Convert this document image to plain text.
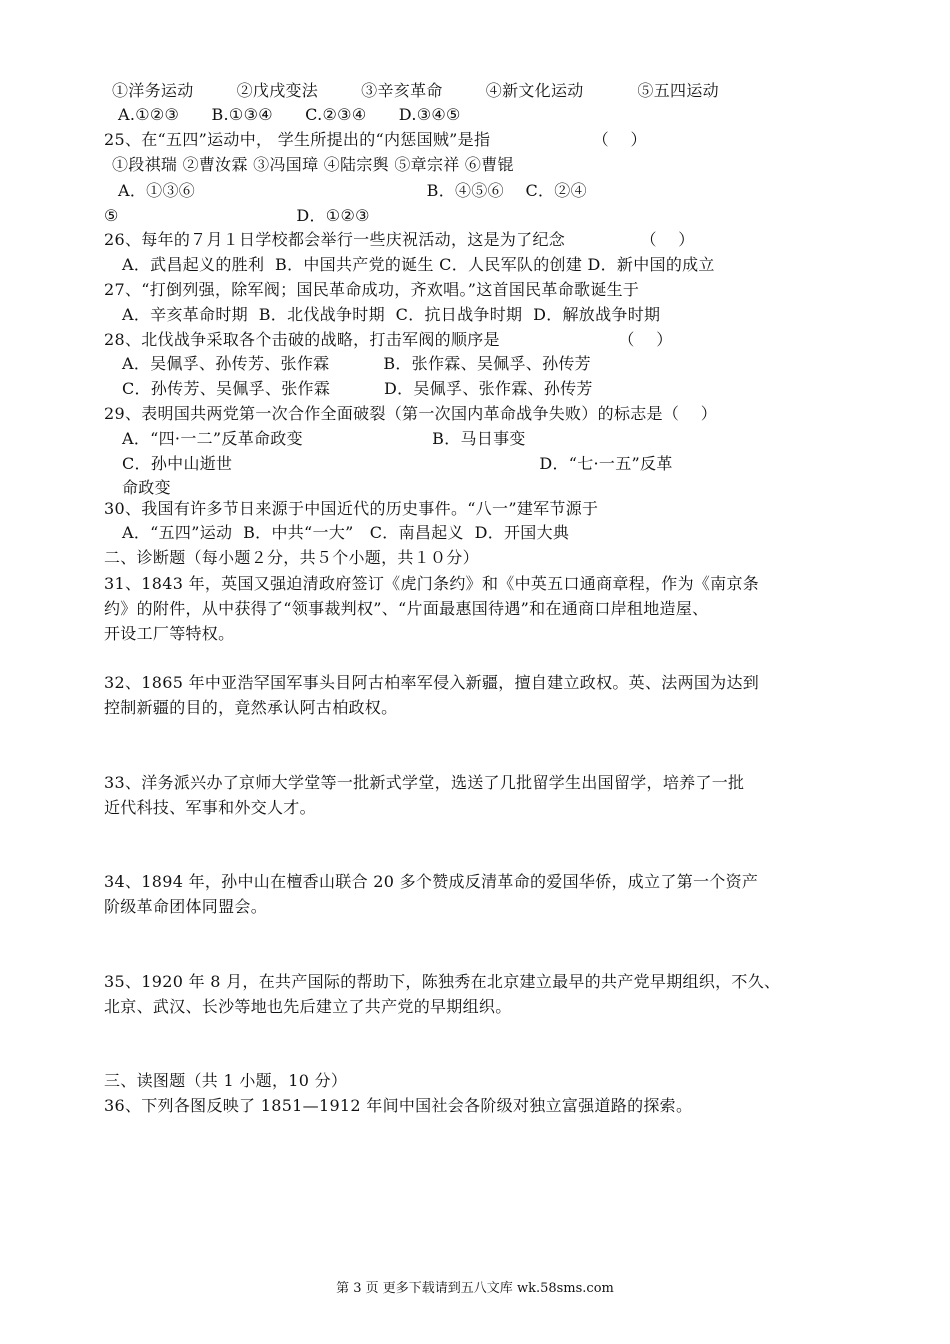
①洋务运动        ②戊戌变法        ③辛亥革命        ④新文化运动          ⑤五四运动
A.①②③      B.①③④      C.②③④      D.③④⑤
25、在“五四”运动中， 学生所提出的“内惩国贼”是指                   （    ）
①段祺瑞 ②曹汝霖 ③冯国璋 ④陆宗舆 ⑤章宗祥 ⑥曹锟
A．①③⑥                                           B．④⑤⑥    C．②④
⑤                                 D．①②③
26、每年的７月１日学校都会举行一些庆祝活动，这是为了纪念              （    ）
A．武昌起义的胜利  B．中国共产党的诞生 C．人民军队的创建 D．新中国的成立
27、“打倒列强，除军阀；国民革命成功，齐欢唱。”这首国民革命歌诞生于
A．辛亥革命时期  B．北伐战争时期  C．抗日战争时期  D．解放战争时期
28、北伐战争采取各个击破的战略，打击军阀的顺序是                      （    ）
A．吴佩孚、孙传芳、张作霖          B．张作霖、吴佩孚、孙传芳
C．孙传芳、吴佩孚、张作霖          D．吴佩孚、张作霖、孙传芳
29、表明国共两党第一次合作全面破裂（第一次国内革命战争失败）的标志是（    ）
A．“四·一二”反革命政变                        B．马日事变
C．孙中山逝世                                                         D．“七·一五”反革
命政变
30、我国有许多节日来源于中国近代的历史事件。“八一”建军节源于
A．“五四”运动  B．中共“一大”   C．南昌起义  D．开国大典
二、诊断题（每小题２分，共５个小题，共１０分）
31、1843 年，英国又强迫清政府签订《虎门条约》和《中英五口通商章程，作为《南京条
约》的附件，从中获得了“领事裁判权”、“片面最惠国待遇”和在通商口岸租地造屋、
开设工厂等特权。
32、1865 年中亚浩罕国军事头目阿古柏率军侵入新疆，擅自建立政权。英、法两国为达到
控制新疆的目的，竟然承认阿古柏政权。
33、洋务派兴办了京师大学堂等一批新式学堂，选送了几批留学生出国留学，培养了一批
近代科技、军事和外交人才。
34、1894 年，孙中山在檀香山联合 20 多个赞成反清革命的爱国华侨，成立了第一个资产
阶级革命团体同盟会。
35、1920 年 8 月，在共产国际的帮助下，陈独秀在北京建立最早的共产党早期组织，不久、
北京、武汉、长沙等地也先后建立了共产党的早期组织。
三、读图题（共 1 小题，10 分）
36、下列各图反映了 1851—1912 年间中国社会各阶级对独立富强道路的探索。
第 3 页 更多下载请到五八文库 wk.58sms.com
